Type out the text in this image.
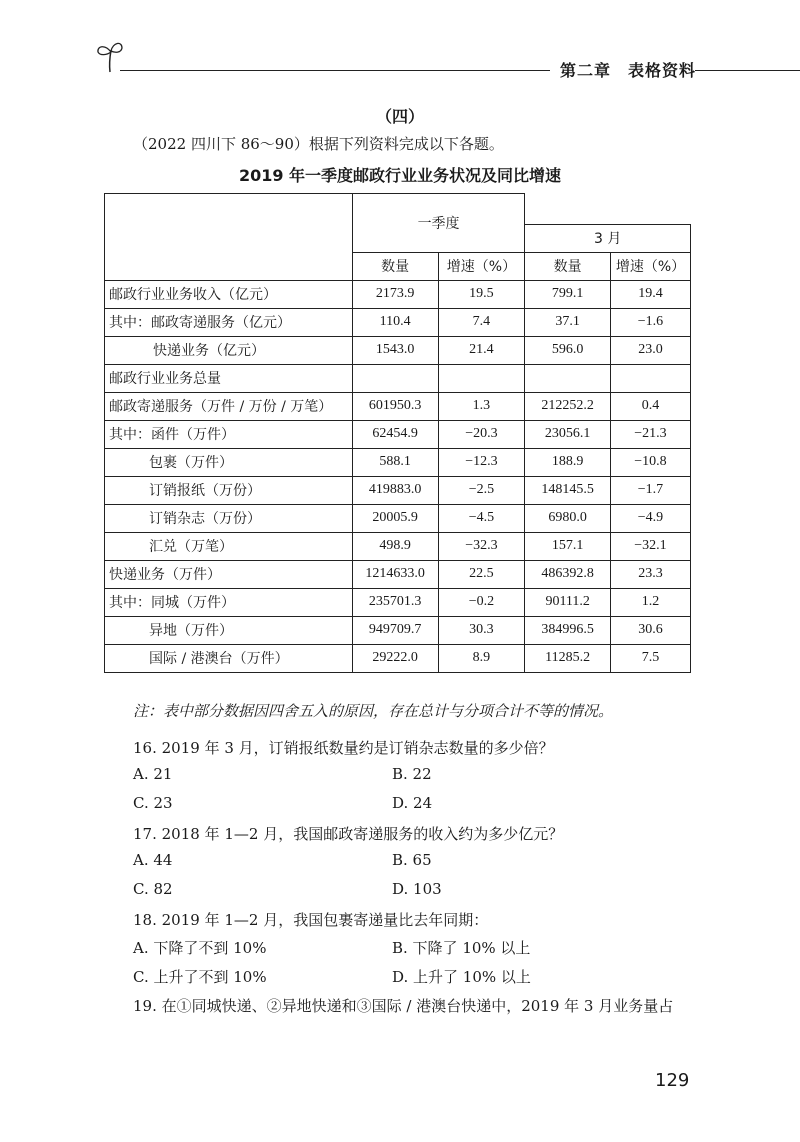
第二章　表格资料
（四）
（2022 四川下 86～90）根据下列资料完成以下各题。
2019 年一季度邮政行业业务状况及同比增速
	一季度			
			3 月	
	数量	增速（%）	数量	增速（%）
邮政行业业务收入（亿元）	2173.9	19.5	799.1	19.4
其中：邮政寄递服务（亿元）	110.4	7.4	37.1	−1.6
快递业务（亿元）	1543.0	21.4	596.0	23.0
邮政行业业务总量				
邮政寄递服务（万件 / 万份 / 万笔）	601950.3	1.3	212252.2	0.4
其中：函件（万件）	62454.9	−20.3	23056.1	−21.3
包裹（万件）	588.1	−12.3	188.9	−10.8
订销报纸（万份）	419883.0	−2.5	148145.5	−1.7
订销杂志（万份）	20005.9	−4.5	6980.0	−4.9
汇兑（万笔）	498.9	−32.3	157.1	−32.1
快递业务（万件）	1214633.0	22.5	486392.8	23.3
其中：同城（万件）	235701.3	−0.2	90111.2	1.2
异地（万件）	949709.7	30.3	384996.5	30.6
国际 / 港澳台（万件）	29222.0	8.9	11285.2	7.5
注：表中部分数据因四舍五入的原因，存在总计与分项合计不等的情况。
16. 2019 年 3 月，订销报纸数量约是订销杂志数量的多少倍？
A. 21	B. 22
C. 23	D. 24
17. 2018 年 1—2 月，我国邮政寄递服务的收入约为多少亿元？
A. 44	B. 65
C. 82	D. 103
18. 2019 年 1—2 月，我国包裹寄递量比去年同期：
A. 下降了不到 10%	B. 下降了 10% 以上
C. 上升了不到 10%	D. 上升了 10% 以上
19. 在①同城快递、②异地快递和③国际 / 港澳台快递中，2019 年 3 月业务量占
129
